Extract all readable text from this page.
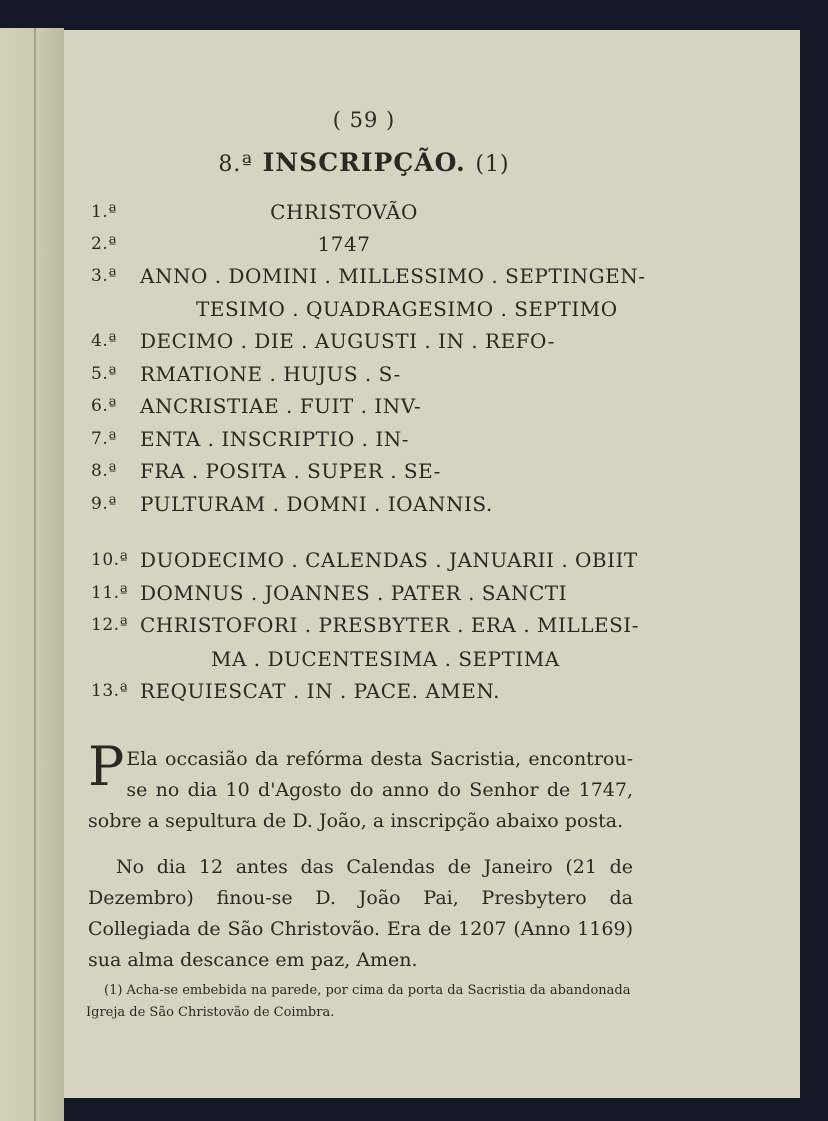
( 59 )
8.ª INSCRIPÇÃO. (1)
1.ª	CHRISTOVÃO
2.ª	1747
3.ª ANNO . DOMINI . MILLESSIMO . SEPTINGEN-
TESIMO . QUADRAGESIMO . SEPTIMO
4.ª DECIMO . DIE . AUGUSTI . IN . REFO-
5.ª RMATIONE . HUJUS . S-
6.ª ANCRISTIAE . FUIT . INV-
7.ª ENTA . INSCRIPTIO . IN-
8.ª FRA . POSITA . SUPER . SE-
9.ª PULTURAM . DOMNI . IOANNIS.
10.ª DUODECIMO . CALENDAS . JANUARII . OBIIT
11.ª DOMNUS . JOANNES . PATER . SANCTI
12.ª CHRISTOFORI . PRESBYTER . ERA . MILLESI-
MA . DUCENTESIMA . SEPTIMA
13.ª REQUIESCAT . IN . PACE. AMEN.
P Ela occasião da refórma desta Sacristia, encontrou-se no dia 10 d'Agosto do anno do Senhor de 1747, sobre a sepultura de D. João, a inscripção abaixo posta.
No dia 12 antes das Calendas de Janeiro (21 de Dezembro) finou-se D. João Pai, Presbytero da Collegiada de São Christovão. Era de 1207 (Anno 1169) sua alma descance em paz, Amen.
(1) Acha-se embebida na parede, por cima da porta da Sacristia da abandonada Igreja de São Christovão de Coimbra.
